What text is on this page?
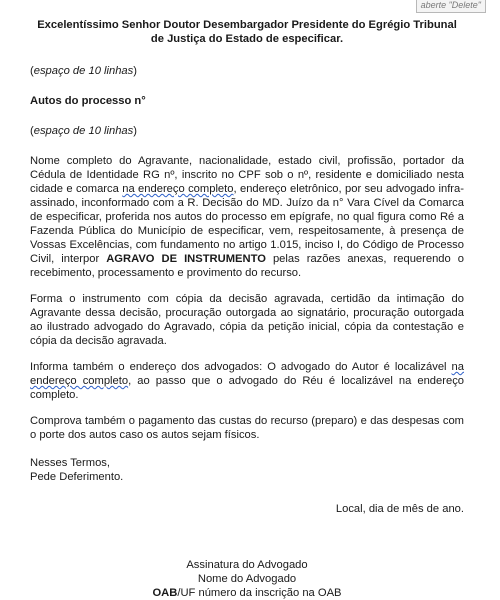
aberte "Delete"
Excelentíssimo Senhor Doutor Desembargador Presidente do Egrégio Tribunal de Justiça do Estado de especificar.
(espaço de 10 linhas)
Autos do processo n°
(espaço de 10 linhas)
Nome completo do Agravante, nacionalidade, estado civil, profissão, portador da Cédula de Identidade RG nº, inscrito no CPF sob o nº, residente e domiciliado nesta cidade e comarca na endereço completo, endereço eletrônico, por seu advogado infra-assinado, inconformado com a R. Decisão do MD. Juízo da n° Vara Cível da Comarca de especificar, proferida nos autos do processo em epígrafe, no qual figura como Ré a Fazenda Pública do Município de especificar, vem, respeitosamente, à presença de Vossas Excelências, com fundamento no artigo 1.015, inciso I, do Código de Processo Civil, interpor AGRAVO DE INSTRUMENTO pelas razões anexas, requerendo o recebimento, processamento e provimento do recurso.
Forma o instrumento com cópia da decisão agravada, certidão da intimação do Agravante dessa decisão, procuração outorgada ao signatário, procuração outorgada ao ilustrado advogado do Agravado, cópia da petição inicial, cópia da contestação e cópia da decisão agravada.
Informa também o endereço dos advogados: O advogado do Autor é localizável na endereço completo, ao passo que o advogado do Réu é localizável na endereço completo.
Comprova também o pagamento das custas do recurso (preparo) e das despesas com o porte dos autos caso os autos sejam físicos.
Nesses Termos,
Pede Deferimento.
Local, dia de mês de ano.
Assinatura do Advogado
Nome do Advogado
OAB/UF número da inscrição na OAB
